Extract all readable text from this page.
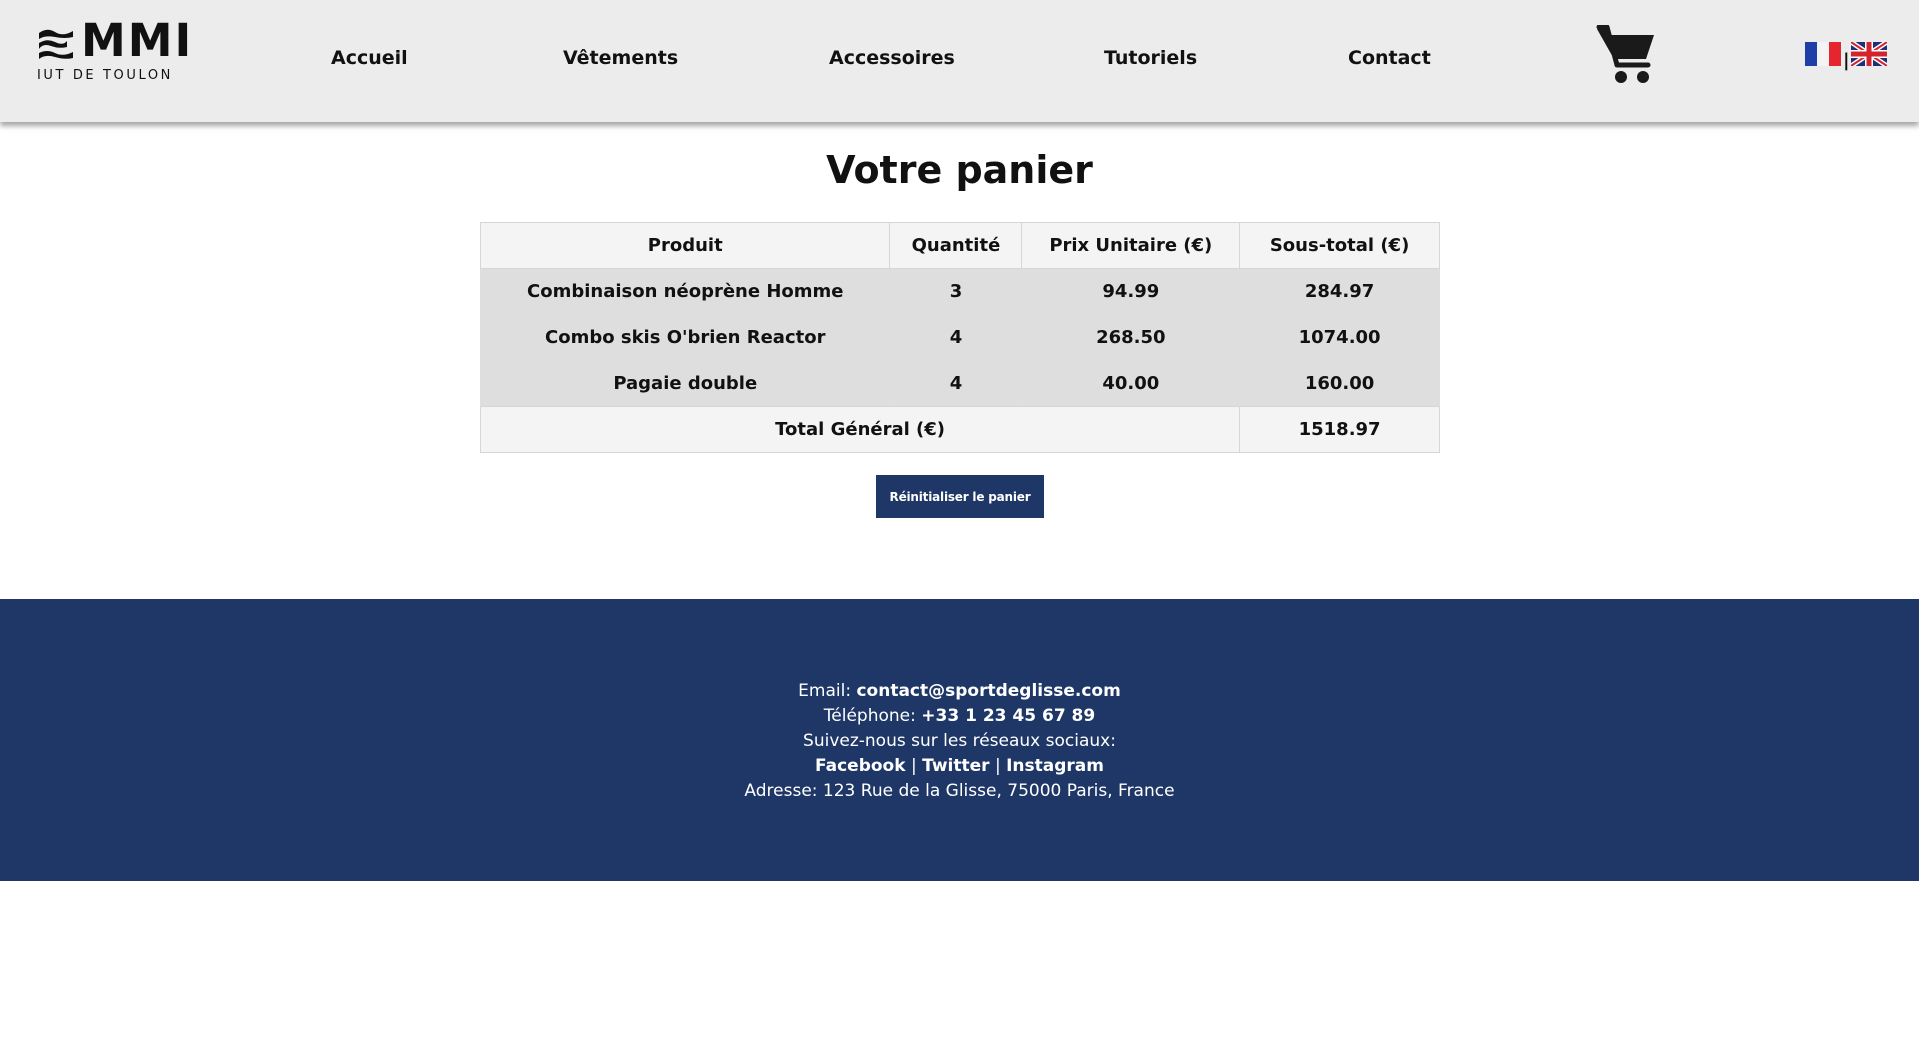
MMI
IUT DE TOULON
Accueil	Vêtements	Accessoires	Tutoriels	Contact	|
Votre panier
Produit	Quantité	Prix Unitaire (€)	Sous-total (€)
Combinaison néoprène Homme	3	94.99	284.97
Combo skis O'brien Reactor	4	268.50	1074.00
Pagaie double	4	40.00	160.00
Total Général (€)			1518.97
Réinitialiser le panier
Email: contact@sportdeglisse.com
Téléphone: +33 1 23 45 67 89
Suivez-nous sur les réseaux sociaux:
Facebook | Twitter | Instagram
Adresse: 123 Rue de la Glisse, 75000 Paris, France
